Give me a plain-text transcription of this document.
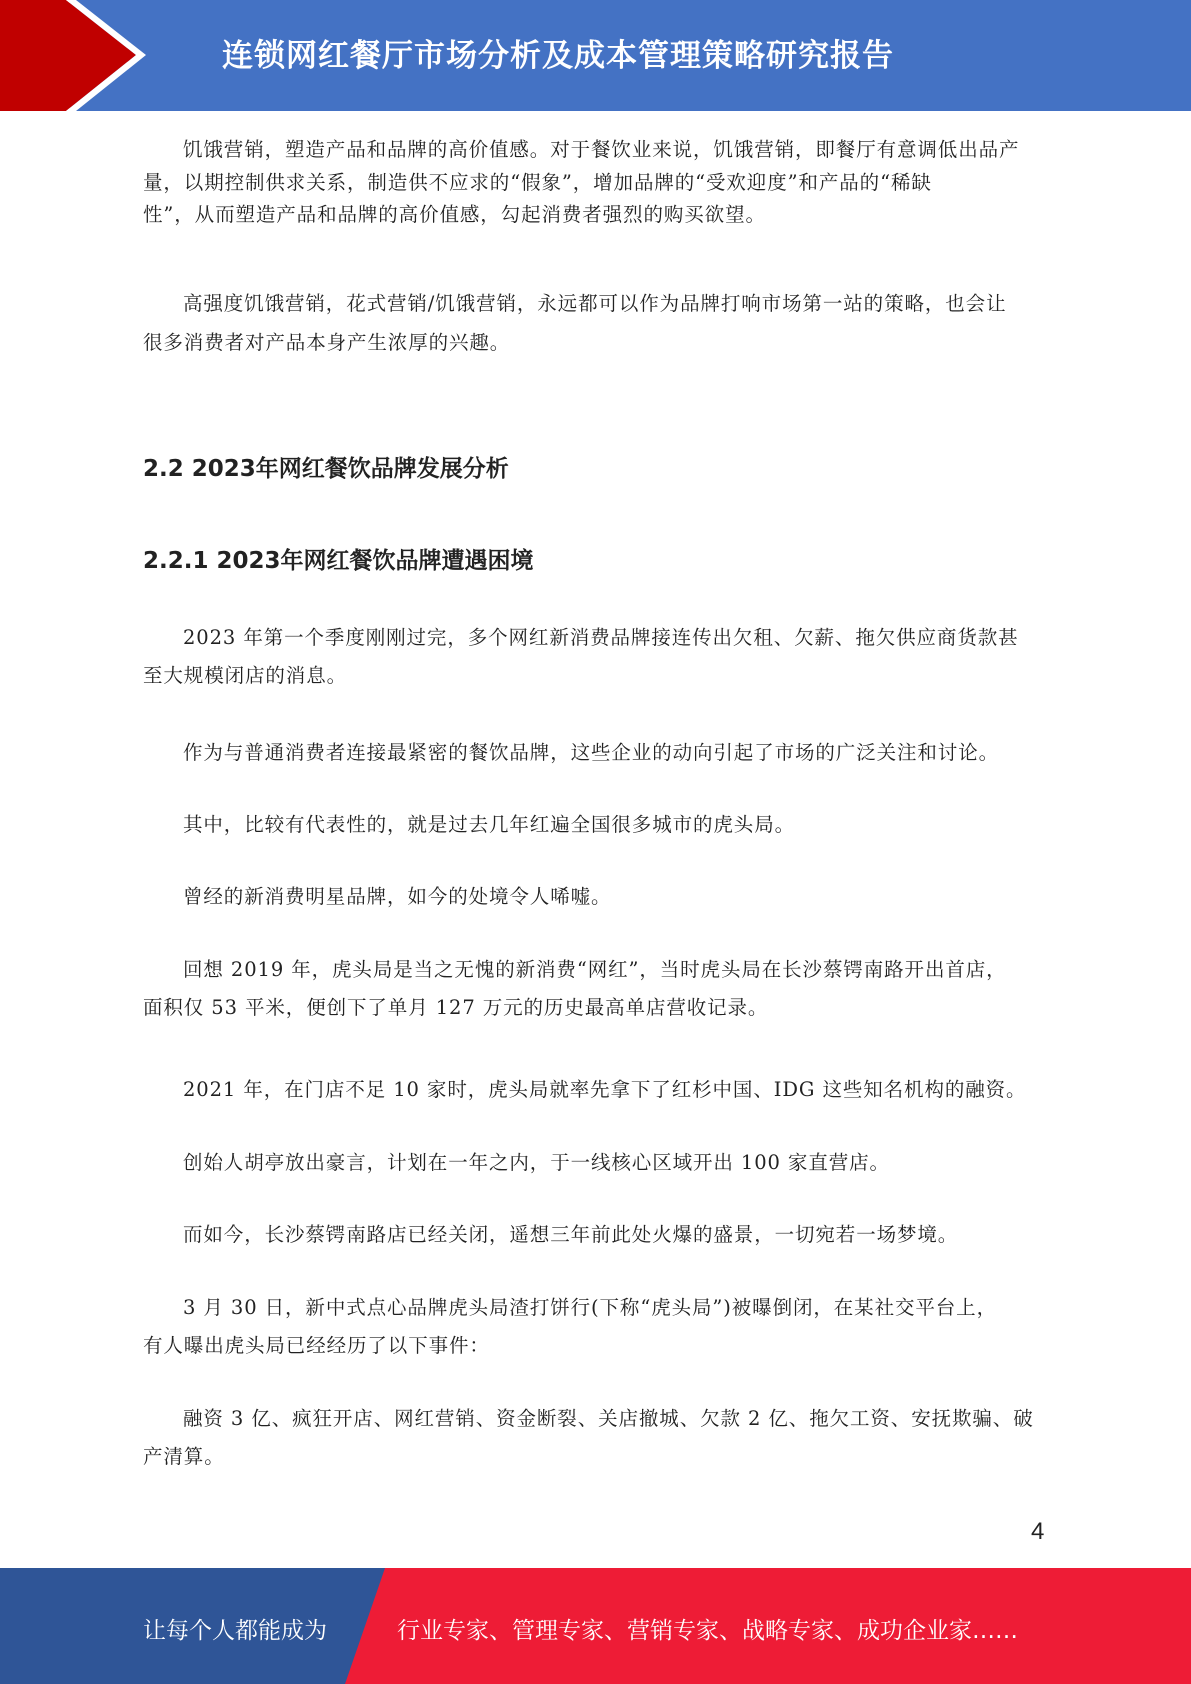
连锁网红餐厅市场分析及成本管理策略研究报告
饥饿营销，塑造产品和品牌的高价值感。对于餐饮业来说，饥饿营销，即餐厅有意调低出品产
量，以期控制供求关系，制造供不应求的“假象”，增加品牌的“受欢迎度”和产品的“稀缺
性”，从而塑造产品和品牌的高价值感，勾起消费者强烈的购买欲望。
高强度饥饿营销，花式营销/饥饿营销，永远都可以作为品牌打响市场第一站的策略，也会让
很多消费者对产品本身产生浓厚的兴趣。
2.2 2023年网红餐饮品牌发展分析
2.2.1 2023年网红餐饮品牌遭遇困境
2023 年第一个季度刚刚过完，多个网红新消费品牌接连传出欠租、欠薪、拖欠供应商货款甚
至大规模闭店的消息。
作为与普通消费者连接最紧密的餐饮品牌，这些企业的动向引起了市场的广泛关注和讨论。
其中，比较有代表性的，就是过去几年红遍全国很多城市的虎头局。
曾经的新消费明星品牌，如今的处境令人唏嘘。
回想 2019 年，虎头局是当之无愧的新消费“网红”，当时虎头局在长沙蔡锷南路开出首店，
面积仅 53 平米，便创下了单月 127 万元的历史最高单店营收记录。
2021 年，在门店不足 10 家时，虎头局就率先拿下了红杉中国、IDG 这些知名机构的融资。
创始人胡亭放出豪言，计划在一年之内，于一线核心区域开出 100 家直营店。
而如今，长沙蔡锷南路店已经关闭，遥想三年前此处火爆的盛景，一切宛若一场梦境。
3 月 30 日，新中式点心品牌虎头局渣打饼行(下称“虎头局”)被曝倒闭，在某社交平台上，
有人曝出虎头局已经经历了以下事件：
融资 3 亿、疯狂开店、网红营销、资金断裂、关店撤城、欠款 2 亿、拖欠工资、安抚欺骗、破
产清算。
4
让每个人都能成为	行业专家、管理专家、营销专家、战略专家、成功企业家……
